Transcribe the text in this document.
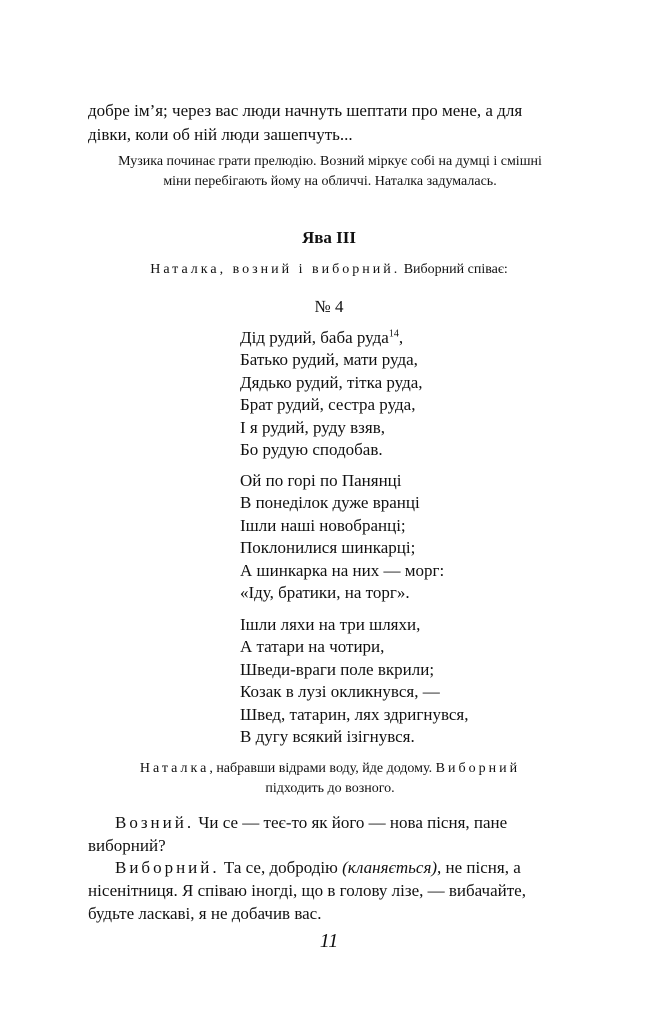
добре ім’я; через вас люди начнуть шептати про мене, а для

дівки, коли об ній люди зашепчуть...

Музика починає грати прелюдію. Возний міркує собі на думці і смішні

міни перебігають йому на обличчі. Наталка задумалась.

Ява III

Наталка, возний і виборний. Виборний співає:

№ 4

Дід рудий, баба руда$^{14}$,
Батько рудий, мати руда,
Дядько рудий, тітка руда,
Брат рудий, сестра руда,
І я рудий, руду взяв,
Бо рудую сподобав.
Ой по горі по Панянці
В понеділок дуже вранці
Ішли наші новобранці;
Поклонилися шинкарці;
А шинкарка на них — морг:
«Іду, братики, на торг».
Ішли ляхи на три шляхи,
А татари на чотири,
Шведи-враги поле вкрили;
Козак в лузі окликнувся, —
Швед, татарин, лях здригнувся,
В дугу всякий ізігнувся.

Наталка, набравши відрами воду, йде додому. Виборний

підходить до возного.

Возний. Чи се — теє-то як його — нова пісня, пане

виборний?

Виборний. Та се, добродію (кланяється), не пісня, а

нісенітниця. Я співаю іногді, що в голову лізе, — вибачайте,

будьте ласкаві, я не добачив вас.

11
